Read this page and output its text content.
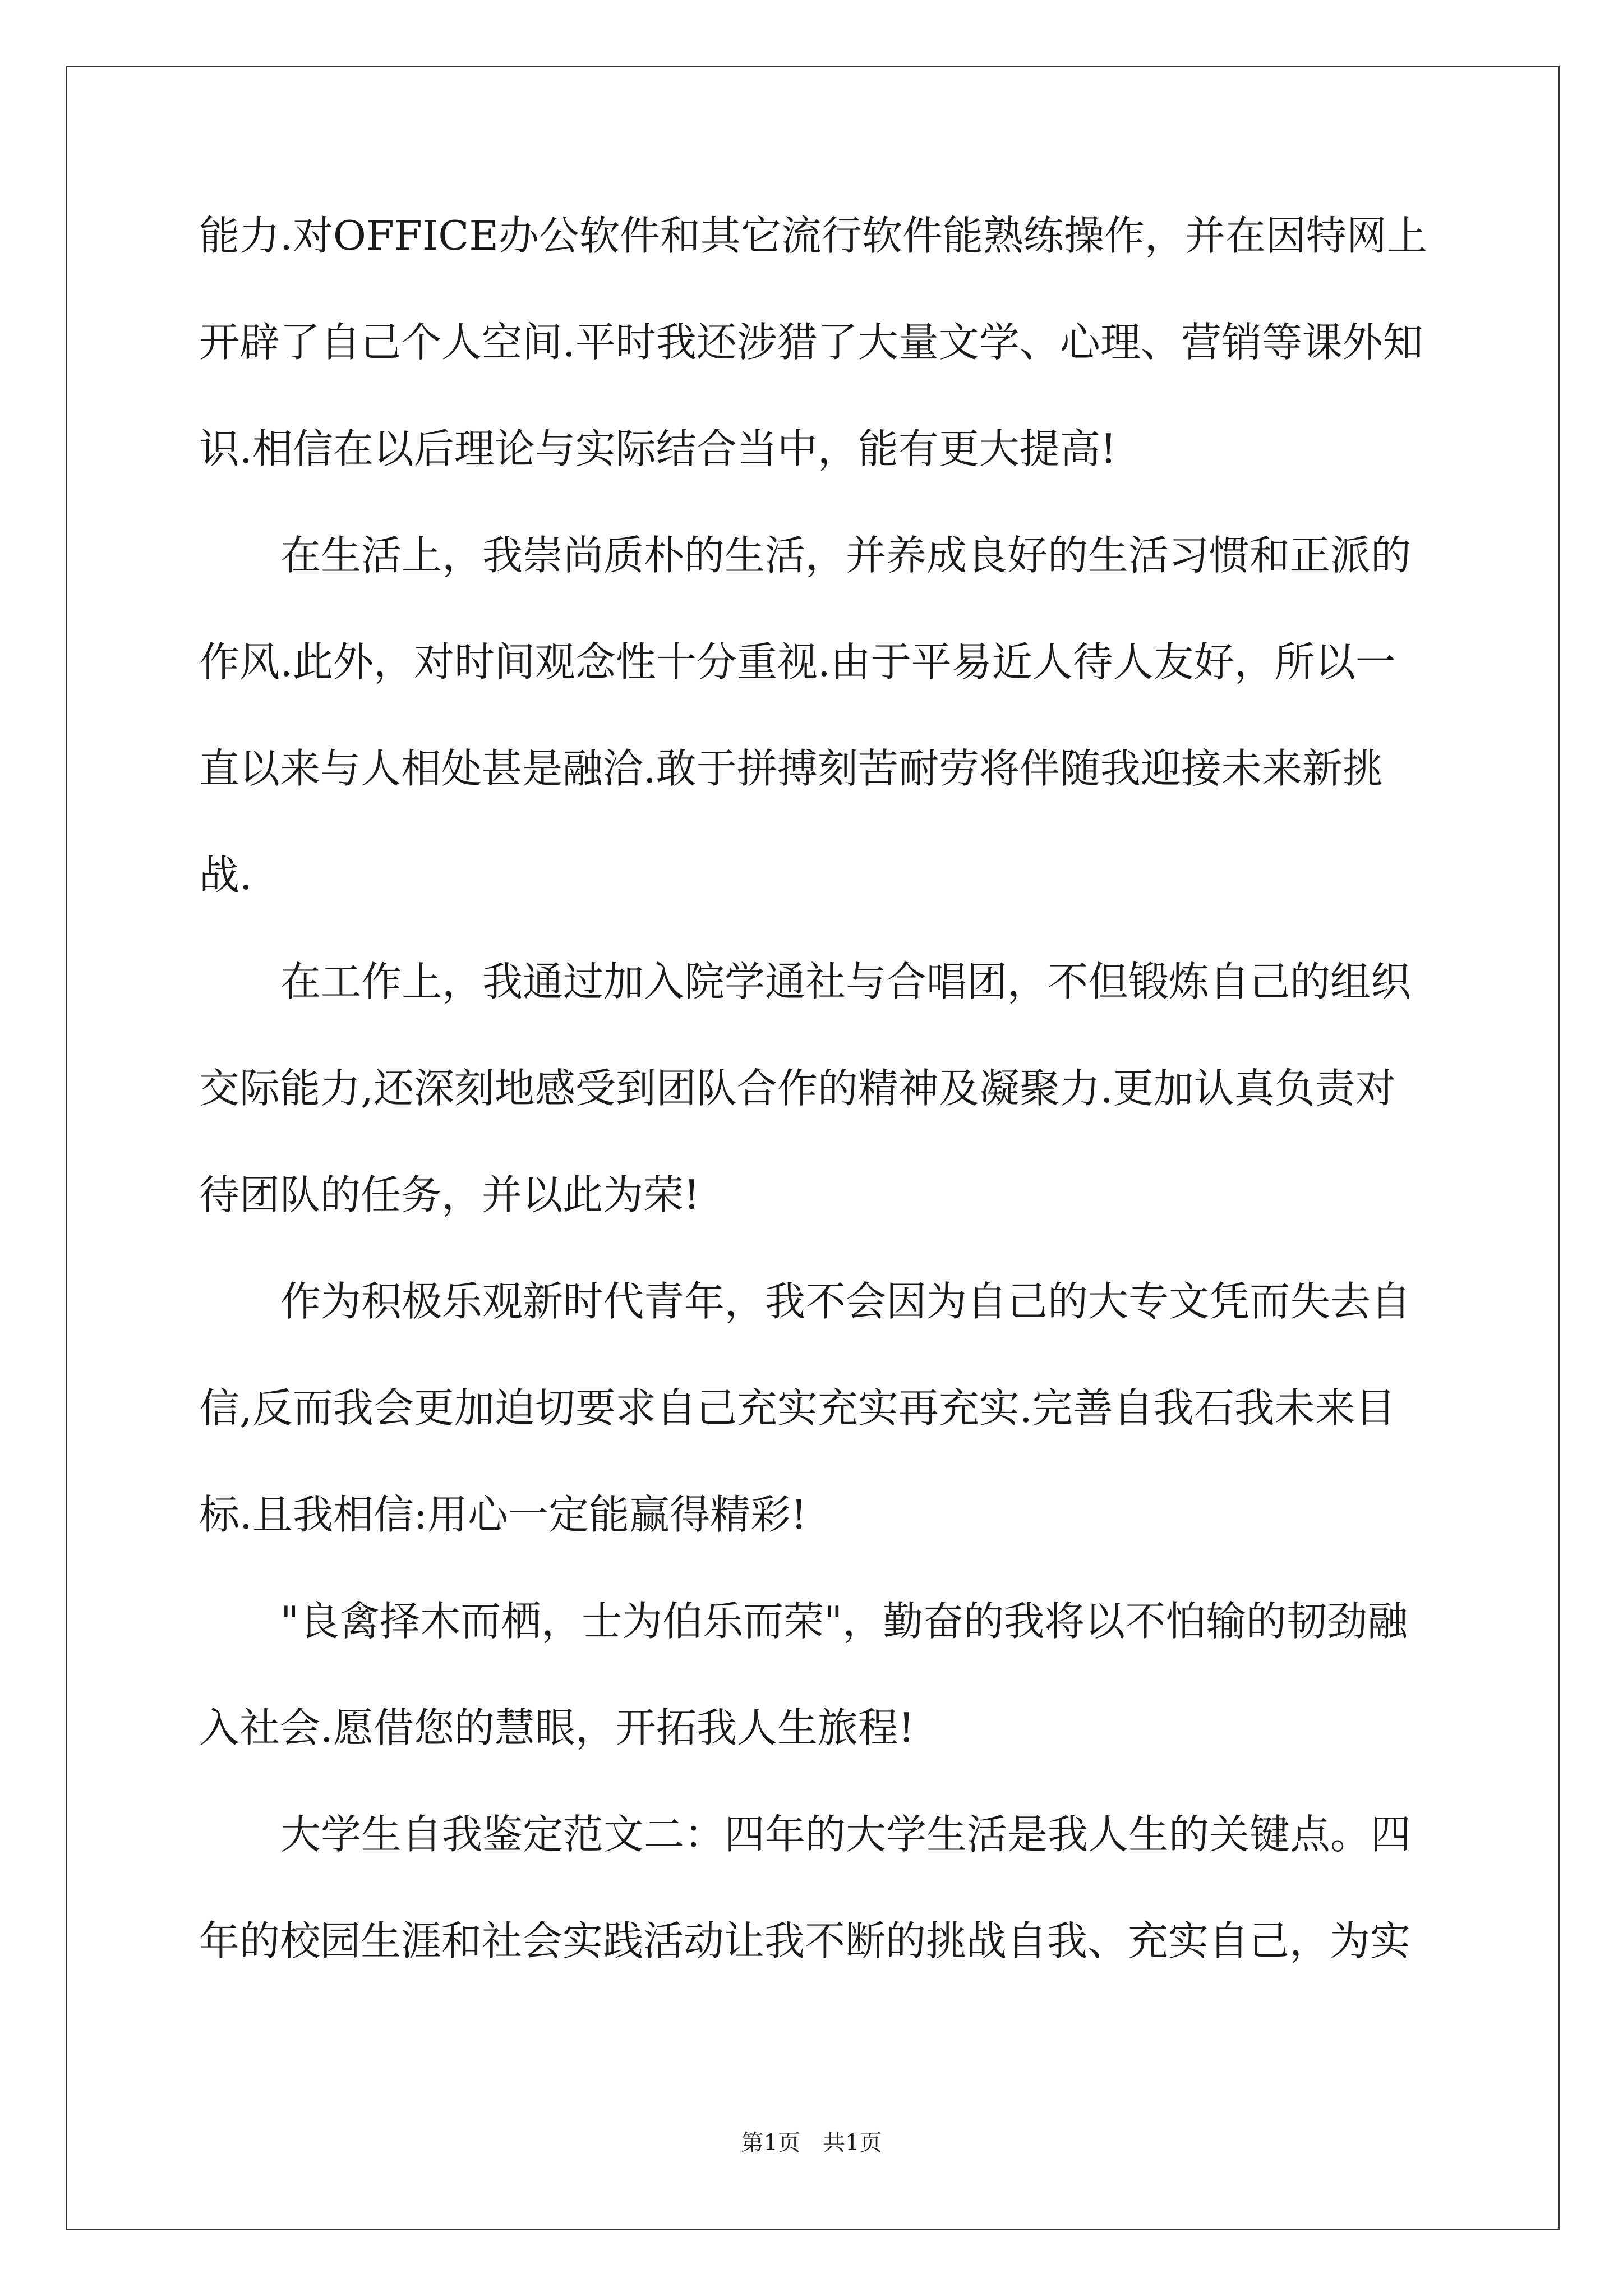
能力.对OFFICE办公软件和其它流行软件能熟练操作，并在因特网上
开辟了自己个人空间.平时我还涉猎了大量文学、心理、营销等课外知
识.相信在以后理论与实际结合当中，能有更大提高!
在生活上，我崇尚质朴的生活，并养成良好的生活习惯和正派的
作风.此外，对时间观念性十分重视.由于平易近人待人友好，所以一
直以来与人相处甚是融洽.敢于拼搏刻苦耐劳将伴随我迎接未来新挑
战.
在工作上，我通过加入院学通社与合唱团，不但锻炼自己的组织
交际能力,还深刻地感受到团队合作的精神及凝聚力.更加认真负责对
待团队的任务，并以此为荣!
作为积极乐观新时代青年，我不会因为自己的大专文凭而失去自
信,反而我会更加迫切要求自己充实充实再充实.完善自我石我未来目
标.且我相信:用心一定能赢得精彩!
"良禽择木而栖，士为伯乐而荣"，勤奋的我将以不怕输的韧劲融
入社会.愿借您的慧眼，开拓我人生旅程!
大学生自我鉴定范文二：四年的大学生活是我人生的关键点。四
年的校园生涯和社会实践活动让我不断的挑战自我、充实自己，为实
第1页　共1页
